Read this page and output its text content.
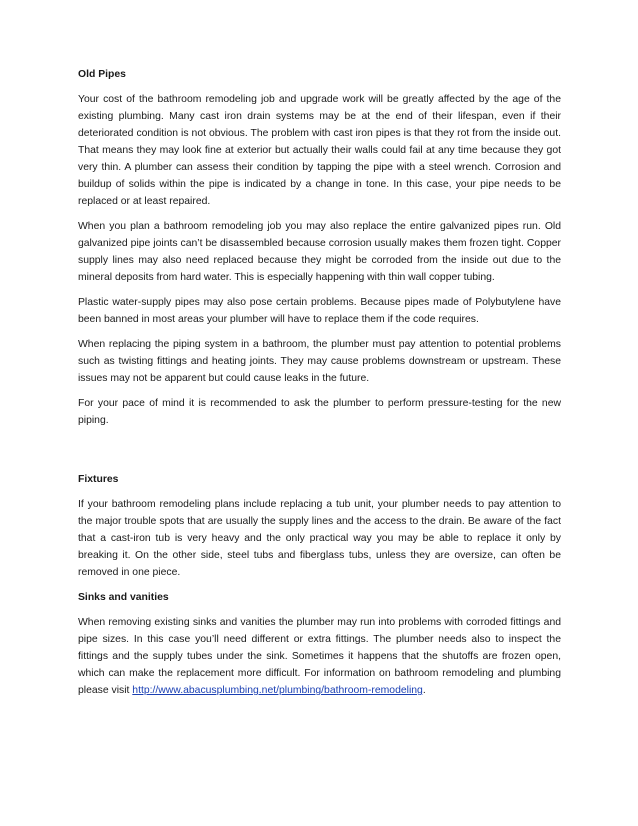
Old Pipes

Your cost of the bathroom remodeling job and upgrade work will be greatly affected by the age of the existing plumbing. Many cast iron drain systems may be at the end of their lifespan, even if their deteriorated condition is not obvious. The problem with cast iron pipes is that they rot from the inside out. That means they may look fine at exterior but actually their walls could fail at any time because they got very thin. A plumber can assess their condition by tapping the pipe with a steel wrench. Corrosion and buildup of solids within the pipe is indicated by a change in tone. In this case, your pipe needs to be replaced or at least repaired.

When you plan a bathroom remodeling job you may also replace the entire galvanized pipes run. Old galvanized pipe joints can’t be disassembled because corrosion usually makes them frozen tight. Copper supply lines may also need replaced because they might be corroded from the inside out due to the mineral deposits from hard water. This is especially happening with thin wall copper tubing.

Plastic water-supply pipes may also pose certain problems. Because pipes made of Polybutylene have been banned in most areas your plumber will have to replace them if the code requires.

When replacing the piping system in a bathroom, the plumber must pay attention to potential problems such as twisting fittings and heating joints. They may cause problems downstream or upstream. These issues may not be apparent but could cause leaks in the future.

For your pace of mind it is recommended to ask the plumber to perform pressure-testing for the new piping.

Fixtures

If your bathroom remodeling plans include replacing a tub unit, your plumber needs to pay attention to the major trouble spots that are usually the supply lines and the access to the drain. Be aware of the fact that a cast-iron tub is very heavy and the only practical way you may be able to replace it only by breaking it. On the other side, steel tubs and fiberglass tubs, unless they are oversize, can often be removed in one piece.

Sinks and vanities

When removing existing sinks and vanities the plumber may run into problems with corroded fittings and pipe sizes. In this case you’ll need different or extra fittings. The plumber needs also to inspect the fittings and the supply tubes under the sink. Sometimes it happens that the shutoffs are frozen open, which can make the replacement more difficult. For information on bathroom remodeling and plumbing please visit http://www.abacusplumbing.net/plumbing/bathroom-remodeling.
